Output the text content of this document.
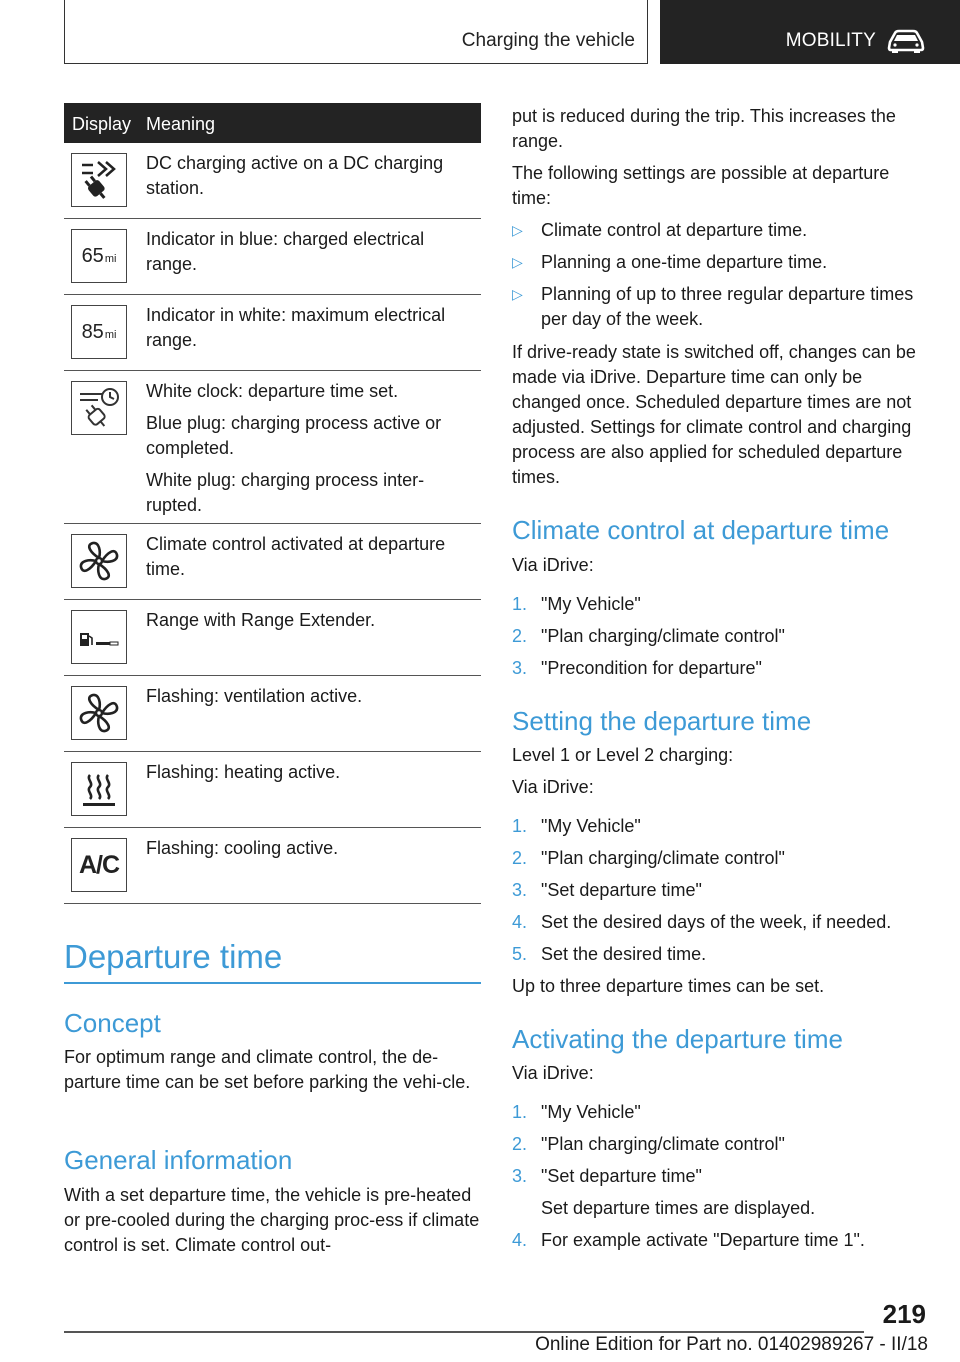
Charging the vehicle	MOBILITY
Display Meaning

DC charging active on a DC charging station.

65 mi

Indicator in blue: charged electrical range.

85 mi

Indicator in white: maximum electrical range.

White clock: departure time set.

Blue plug: charging process active or completed.

White plug: charging process inter-rupted.

Climate control activated at departure time.

Range with Range Extender.

Flashing: ventilation active.

Flashing: heating active.

A/C

Flashing: cooling active.

Departure time
Concept

For optimum range and climate control, the de-parture time can be set before parking the vehi-cle.

General information

With a set departure time, the vehicle is pre-heated or pre-cooled during the charging proc-ess if climate control is set. Climate control out-

put is reduced during the trip. This increases the range.

The following settings are possible at departure time:

▷ Climate control at departure time.
▷ Planning a one-time departure time.
▷ Planning of up to three regular departure times per day of the week.

If drive-ready state is switched off, changes can be made via iDrive. Departure time can only be changed once. Scheduled departure times are not adjusted. Settings for climate control and charging process are also applied for scheduled departure times.

Climate control at departure time

Via iDrive:

1. "My Vehicle"
2. "Plan charging/climate control"
3. "Precondition for departure"
Setting the departure time

Level 1 or Level 2 charging:

Via iDrive:

1. "My Vehicle"
2. "Plan charging/climate control"
3. "Set departure time"
4. Set the desired days of the week, if needed.
5. Set the desired time.

Up to three departure times can be set.

Activating the departure time

Via iDrive:

1. "My Vehicle"
2. "Plan charging/climate control"
3. "Set departure time"

Set departure times are displayed.

4. For example activate "Departure time 1".
219
Online Edition for Part no. 01402989267 - II/18
